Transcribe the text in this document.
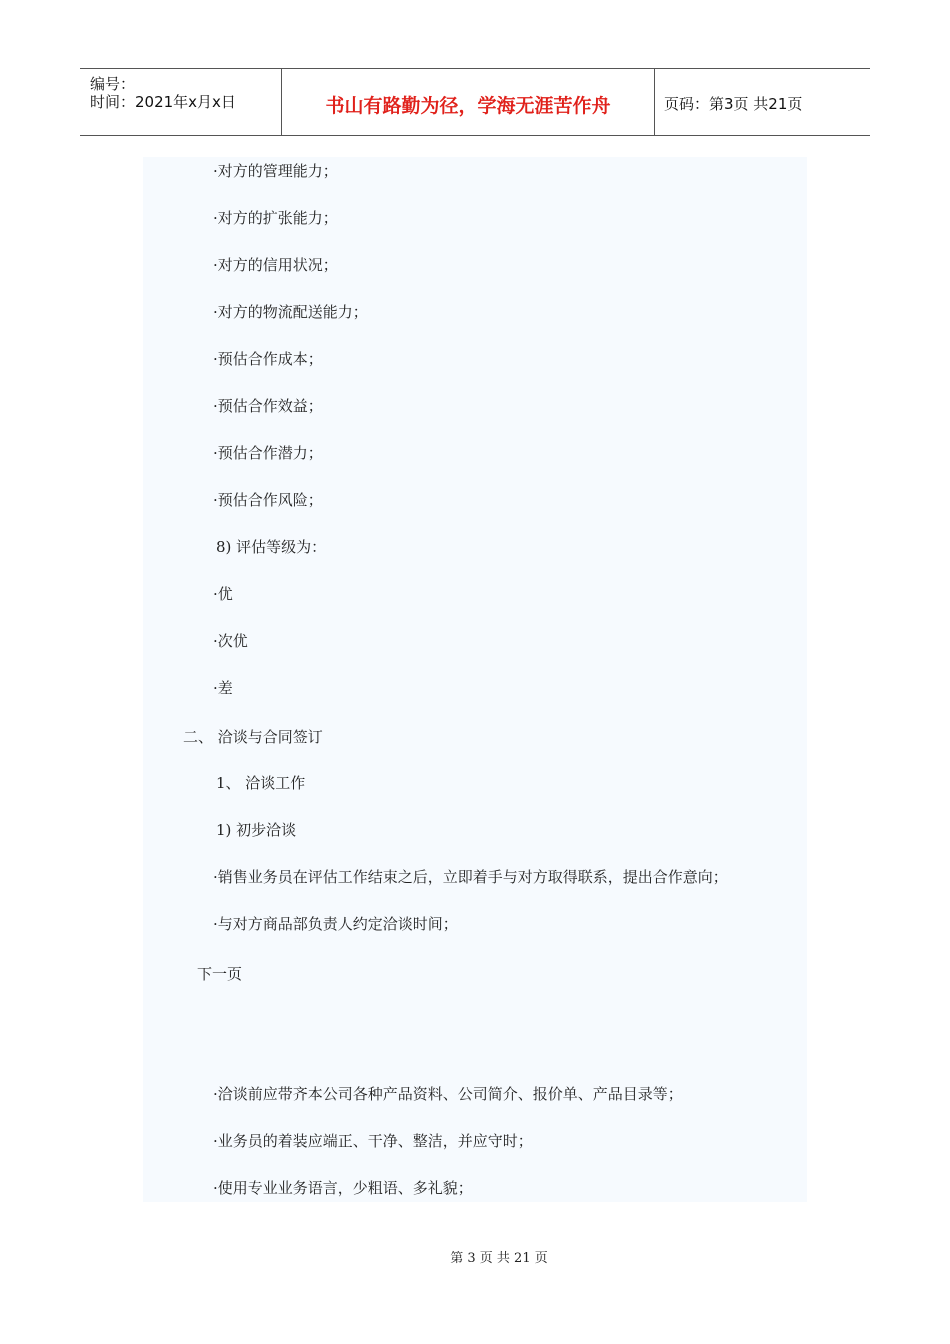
编号：
时间：2021年x月x日	书山有路勤为径，学海无涯苦作舟	页码：第3页 共21页
·对方的管理能力；
·对方的扩张能力；
·对方的信用状况；
·对方的物流配送能力；
·预估合作成本；
·预估合作效益；
·预估合作潜力；
·预估合作风险；
8) 评估等级为：
·优
·次优
·差
二、 洽谈与合同签订
1、 洽谈工作
1) 初步洽谈
·销售业务员在评估工作结束之后，立即着手与对方取得联系，提出合作意向；
·与对方商品部负责人约定洽谈时间；
下一页
·洽谈前应带齐本公司各种产品资料、公司简介、报价单、产品目录等；
·业务员的着装应端正、干净、整洁，并应守时；
·使用专业业务语言，少粗语、多礼貌；
第 3 页 共 21 页
